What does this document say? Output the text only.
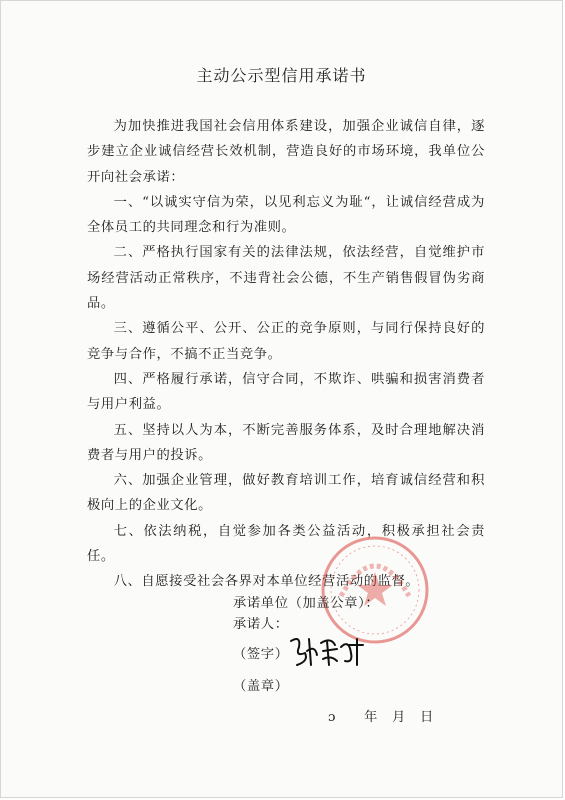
主动公示型信用承诺书

为加快推进我国社会信用体系建设，加强企业诚信自律，逐步建立企业诚信经营长效机制，营造良好的市场环境，我单位公开向社会承诺：

一、“以诚实守信为荣，以见利忘义为耻“，让诚信经营成为全体员工的共同理念和行为准则。

二、严格执行国家有关的法律法规，依法经营，自觉维护市场经营活动正常秩序，不违背社会公德，不生产销售假冒伪劣商品。

三、遵循公平、公开、公正的竞争原则，与同行保持良好的竞争与合作，不搞不正当竞争。

四、严格履行承诺，信守合同，不欺诈、哄骗和损害消费者与用户利益。

五、坚持以人为本，不断完善服务体系，及时合理地解决消费者与用户的投诉。

六、加强企业管理，做好教育培训工作，培育诚信经营和积极向上的企业文化。

七、依法纳税，自觉参加各类公益活动，积极承担社会责任。

八、自愿接受社会各界对本单位经营活动的监督。

承诺单位（加盖公章）：
承诺人：
（签字）
（盖章）
ɔ 年 月 日
